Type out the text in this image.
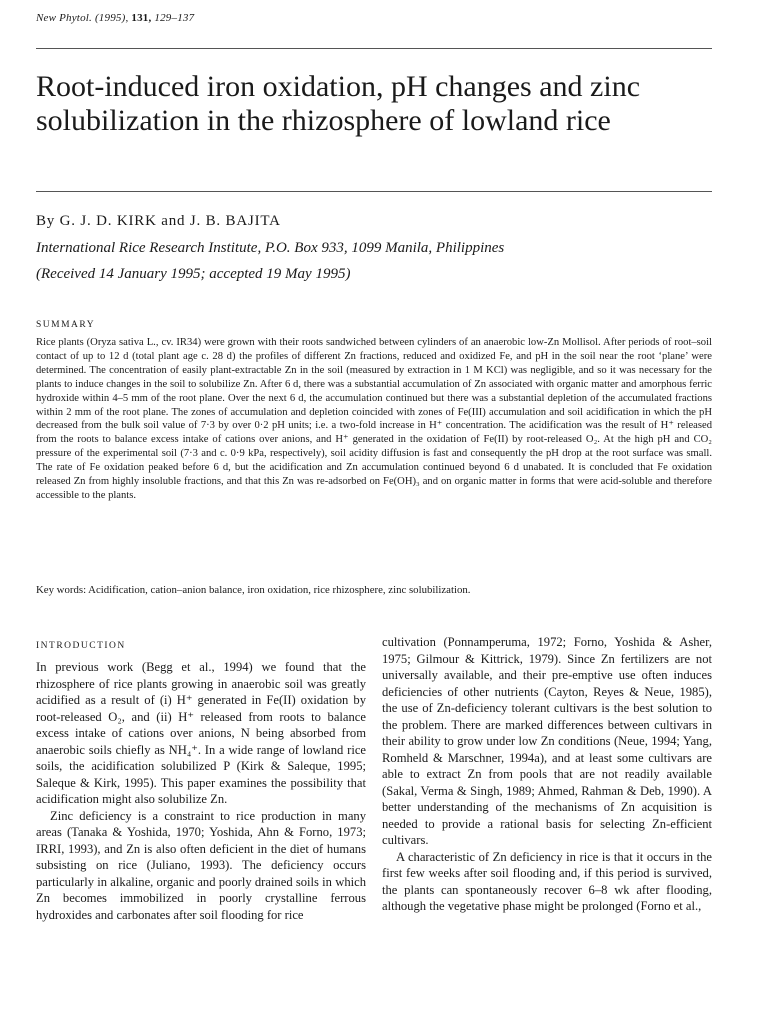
New Phytol. (1995), 131, 129–137
Root-induced iron oxidation, pH changes and zinc solubilization in the rhizosphere of lowland rice
By G. J. D. KIRK and J. B. BAJITA
International Rice Research Institute, P.O. Box 933, 1099 Manila, Philippines
(Received 14 January 1995; accepted 19 May 1995)
SUMMARY

Rice plants (Oryza sativa L., cv. IR34) were grown with their roots sandwiched between cylinders of an anaerobic low-Zn Mollisol. After periods of root–soil contact of up to 12 d (total plant age c. 28 d) the profiles of different Zn fractions, reduced and oxidized Fe, and pH in the soil near the root ‘plane’ were determined. The concentration of easily plant-extractable Zn in the soil (measured by extraction in 1 M KCl) was negligible, and so it was necessary for the plants to induce changes in the soil to solubilize Zn. After 6 d, there was a substantial accumulation of Zn associated with organic matter and amorphous ferric hydroxide within 4–5 mm of the root plane. Over the next 6 d, the accumulation continued but there was a substantial depletion of the accumulated fractions within 2 mm of the root plane. The zones of accumulation and depletion coincided with zones of Fe(III) accumulation and soil acidification in which the pH decreased from the bulk soil value of 7·3 by over 0·2 pH units; i.e. a two-fold increase in H⁺ concentration. The acidification was the result of H⁺ released from the roots to balance excess intake of cations over anions, and H⁺ generated in the oxidation of Fe(II) by root-released O₂. At the high pH and CO₂ pressure of the experimental soil (7·3 and c. 0·9 kPa, respectively), soil acidity diffusion is fast and consequently the pH drop at the root surface was small. The rate of Fe oxidation peaked before 6 d, but the acidification and Zn accumulation continued beyond 6 d unabated. It is concluded that Fe oxidation released Zn from highly insoluble fractions, and that this Zn was re-adsorbed on Fe(OH)₃ and on organic matter in forms that were acid-soluble and therefore accessible to the plants.

Key words: Acidification, cation–anion balance, iron oxidation, rice rhizosphere, zinc solubilization.
INTRODUCTION

In previous work (Begg et al., 1994) we found that the rhizosphere of rice plants growing in anaerobic soil was greatly acidified as a result of (i) H⁺ generated in Fe(II) oxidation by root-released O₂, and (ii) H⁺ released from roots to balance excess intake of cations over anions, N being absorbed from anaerobic soils chiefly as NH₄⁺. In a wide range of lowland rice soils, the acidification solubilized P (Kirk & Saleque, 1995; Saleque & Kirk, 1995). This paper examines the possibility that acidification might also solubilize Zn.

Zinc deficiency is a constraint to rice production in many areas (Tanaka & Yoshida, 1970; Yoshida, Ahn & Forno, 1973; IRRI, 1993), and Zn is also often deficient in the diet of humans subsisting on rice (Juliano, 1993). The deficiency occurs particularly in alkaline, organic and poorly drained soils in which Zn becomes immobilized in poorly crystalline ferrous hydroxides and carbonates after soil flooding for rice

cultivation (Ponnamperuma, 1972; Forno, Yoshida & Asher, 1975; Gilmour & Kittrick, 1979). Since Zn fertilizers are not universally available, and their pre-emptive use often induces deficiencies of other nutrients (Cayton, Reyes & Neue, 1985), the use of Zn-deficiency tolerant cultivars is the best solution to the problem. There are marked differences between cultivars in their ability to grow under low Zn conditions (Neue, 1994; Yang, Romheld & Marschner, 1994a), and at least some cultivars are able to extract Zn from pools that are not readily available (Sakal, Verma & Singh, 1989; Ahmed, Rahman & Deb, 1990). A better understanding of the mechanisms of Zn acquisition is needed to provide a rational basis for selecting Zn-efficient cultivars.

A characteristic of Zn deficiency in rice is that it occurs in the first few weeks after soil flooding and, if this period is survived, the plants can spontaneously recover 6–8 wk after flooding, although the vegetative phase might be prolonged (Forno et al.,
